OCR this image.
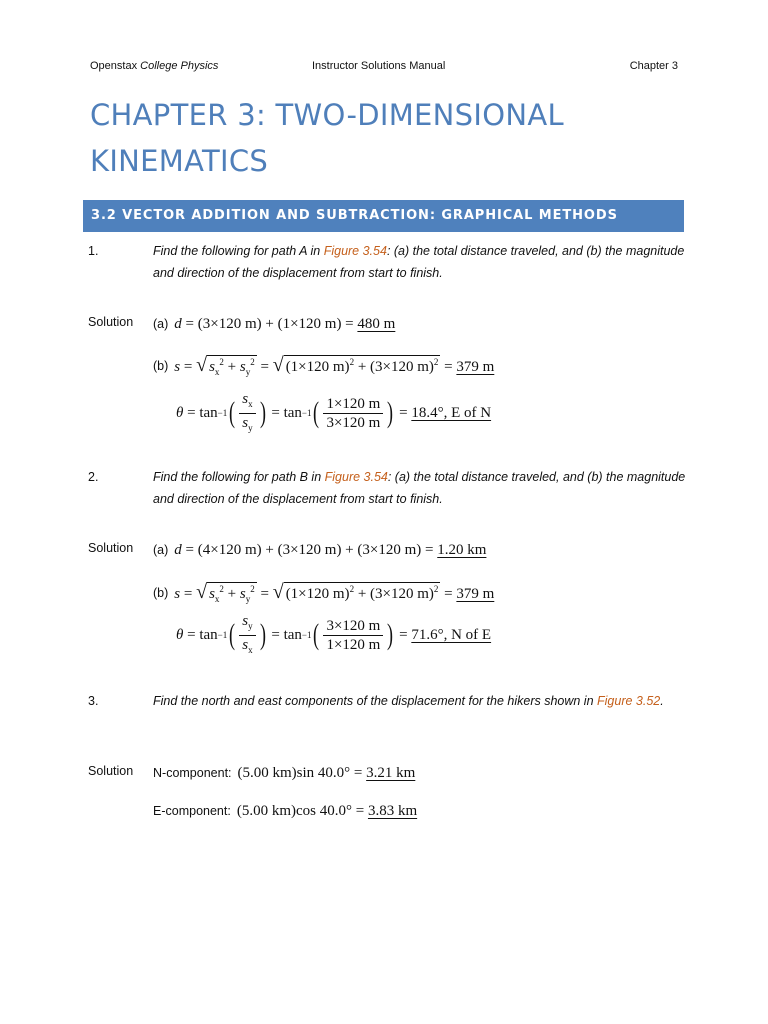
Openstax College Physics	Instructor Solutions Manual	Chapter 3
CHAPTER 3: TWO-DIMENSIONAL
KINEMATICS
3.2 VECTOR ADDITION AND SUBTRACTION: GRAPHICAL METHODS
1.	Find the following for path A in Figure 3.54: (a) the total distance traveled, and (b) the magnitude and direction of the displacement from start to finish.
Solution (a) d = (3×120 m) + (1×120 m) = 480 m
(b) s = √ $s_x^2 + s_y^2$ = √ (1×120 m)$^2$ + (3×120 m)$^2$ = 379 m
θ
=
tan −1 ( $\frac{s_x}{s_y}$ )
=
tan −1 ( $\frac{1\times 120 m}{3\times 120 m}$ )
=
18.4°, E of N
2.	Find the following for path B in Figure 3.54: (a) the total distance traveled, and (b) the magnitude and direction of the displacement from start to finish.
Solution (a) d = (4×120 m) + (3×120 m) + (3×120 m) = 1.20 km
(b) s = √ $s_x^2 + s_y^2$ = √ (1×120 m)$^2$ + (3×120 m)$^2$ = 379 m
θ
=
tan −1 ( $\frac{s_y}{s_x}$ )
=
tan −1 ( $\frac{3\times 120 m}{1\times 120 m}$ )
=
71.6°, N of E
3.	Find the north and east components of the displacement for the hikers shown in Figure 3.52.
Solution N-component: (5.00 km)sin 40.0° = 3.21 km
E-component: (5.00 km)cos 40.0° = 3.83 km
